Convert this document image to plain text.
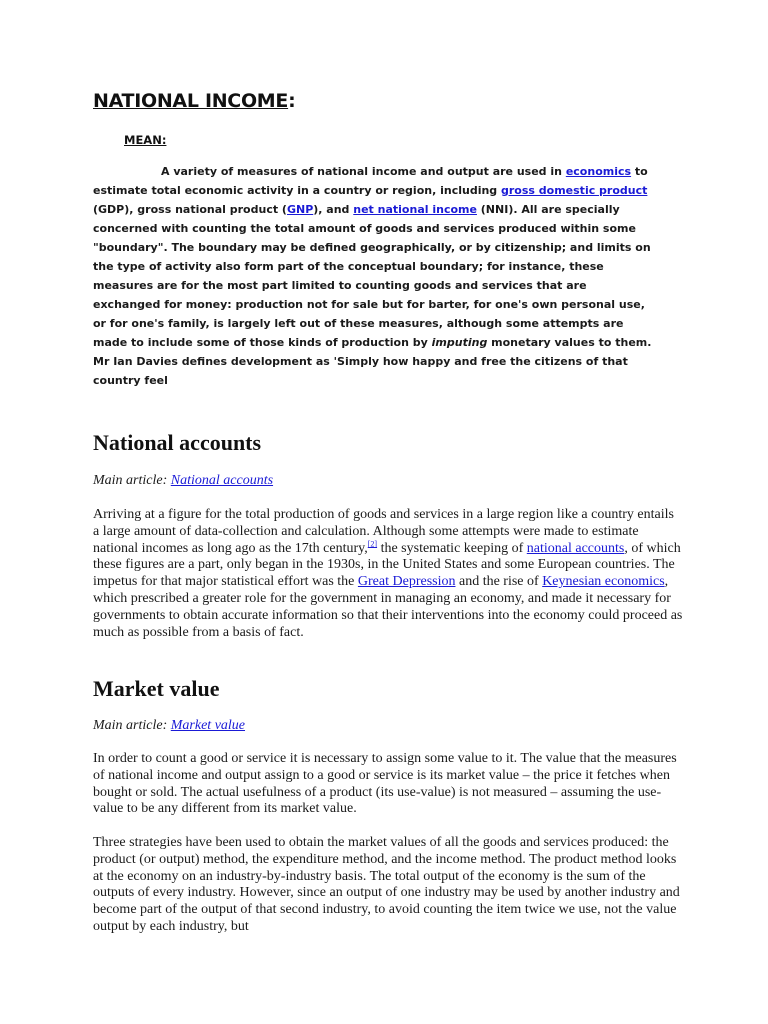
NATIONAL INCOME:
MEAN:

A variety of measures of national income and output are used in economics to estimate total economic activity in a country or region, including gross domestic product (GDP), gross national product (GNP), and net national income (NNI). All are specially concerned with counting the total amount of goods and services produced within some "boundary". The boundary may be defined geographically, or by citizenship; and limits on the type of activity also form part of the conceptual boundary; for instance, these measures are for the most part limited to counting goods and services that are exchanged for money: production not for sale but for barter, for one's own personal use, or for one's family, is largely left out of these measures, although some attempts are made to include some of those kinds of production by imputing monetary values to them. Mr Ian Davies defines development as 'Simply how happy and free the citizens of that country feel

National accounts

Main article: National accounts

Arriving at a figure for the total production of goods and services in a large region like a country entails a large amount of data-collection and calculation. Although some attempts were made to estimate national incomes as long ago as the 17th century,[2] the systematic keeping of national accounts, of which these figures are a part, only began in the 1930s, in the United States and some European countries. The impetus for that major statistical effort was the Great Depression and the rise of Keynesian economics, which prescribed a greater role for the government in managing an economy, and made it necessary for governments to obtain accurate information so that their interventions into the economy could proceed as much as possible from a basis of fact.

Market value

Main article: Market value

In order to count a good or service it is necessary to assign some value to it. The value that the measures of national income and output assign to a good or service is its market value – the price it fetches when bought or sold. The actual usefulness of a product (its use-value) is not measured – assuming the use-value to be any different from its market value.

Three strategies have been used to obtain the market values of all the goods and services produced: the product (or output) method, the expenditure method, and the income method. The product method looks at the economy on an industry-by-industry basis. The total output of the economy is the sum of the outputs of every industry. However, since an output of one industry may be used by another industry and become part of the output of that second industry, to avoid counting the item twice we use, not the value output by each industry, but
